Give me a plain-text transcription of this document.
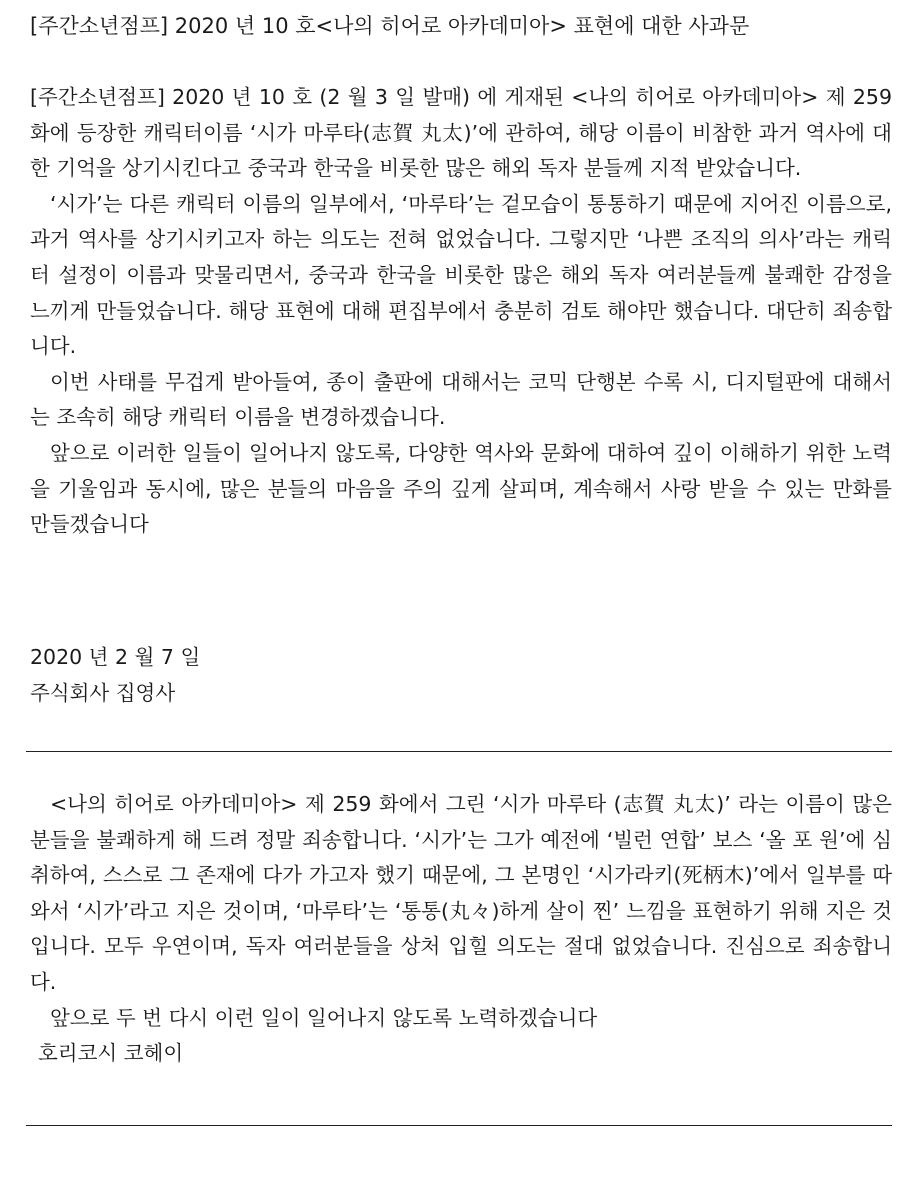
[주간소년점프] 2020 년 10 호<나의 히어로 아카데미아> 표현에 대한 사과문

[주간소년점프] 2020 년 10 호 (2 월 3 일 발매) 에 게재된 <나의 히어로 아카데미아> 제 259 화에 등장한 캐릭터이름 ‘시가 마루타(志賀 丸太)’에 관하여, 해당 이름이 비참한 과거 역사에 대한 기억을 상기시킨다고 중국과 한국을 비롯한 많은 해외 독자 분들께 지적 받았습니다.

‘시가’는 다른 캐릭터 이름의 일부에서, ‘마루타’는 겉모습이 통통하기 때문에 지어진 이름으로, 과거 역사를 상기시키고자 하는 의도는 전혀 없었습니다. 그렇지만 ‘나쁜 조직의 의사’라는 캐릭터 설정이 이름과 맞물리면서, 중국과 한국을 비롯한 많은 해외 독자 여러분들께 불쾌한 감정을 느끼게 만들었습니다. 해당 표현에 대해 편집부에서 충분히 검토 해야만 했습니다. 대단히 죄송합니다.

이번 사태를 무겁게 받아들여, 종이 출판에 대해서는 코믹 단행본 수록 시, 디지털판에 대해서는 조속히 해당 캐릭터 이름을 변경하겠습니다.

앞으로 이러한 일들이 일어나지 않도록, 다양한 역사와 문화에 대하여 깊이 이해하기 위한 노력을 기울임과 동시에, 많은 분들의 마음을 주의 깊게 살피며, 계속해서 사랑 받을 수 있는 만화를 만들겠습니다

2020 년 2 월 7 일
주식회사 집영사

<나의 히어로 아카데미아> 제 259 화에서 그린 ‘시가 마루타 (志賀 丸太)’ 라는 이름이 많은 분들을 불쾌하게 해 드려 정말 죄송합니다. ‘시가’는 그가 예전에 ‘빌런 연합’ 보스 ‘올 포 원’에 심취하여, 스스로 그 존재에 다가 가고자 했기 때문에, 그 본명인 ‘시가라키(死柄木)’에서 일부를 따 와서 ‘시가’라고 지은 것이며, ‘마루타’는 ‘통통(丸々)하게 살이 찐’ 느낌을 표현하기 위해 지은 것입니다. 모두 우연이며, 독자 여러분들을 상처 입힐 의도는 절대 없었습니다. 진심으로 죄송합니다.

앞으로 두 번 다시 이런 일이 일어나지 않도록 노력하겠습니다

호리코시 코헤이
